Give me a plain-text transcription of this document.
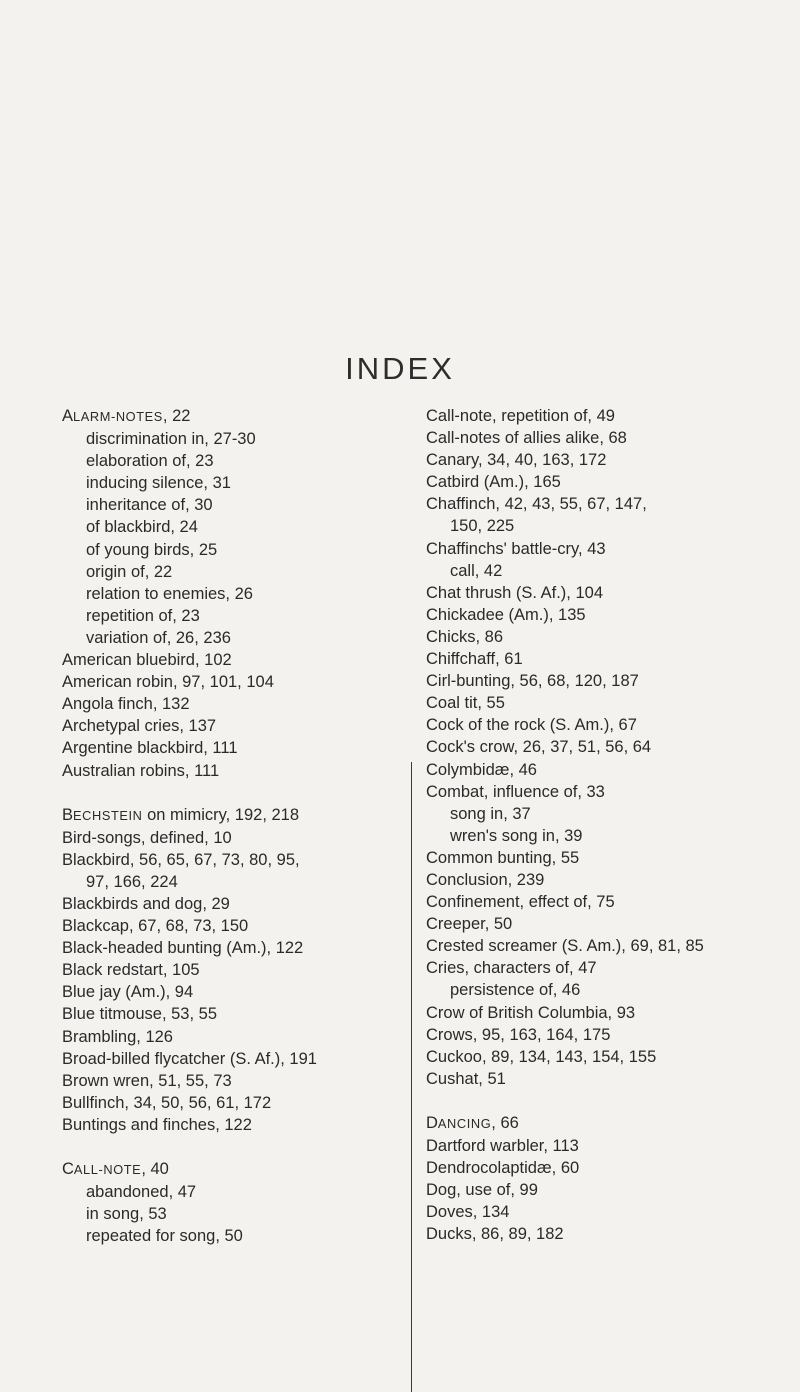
INDEX
ALARM-NOTES, 22
discrimination in, 27-30
elaboration of, 23
inducing silence, 31
inheritance of, 30
of blackbird, 24
of young birds, 25
origin of, 22
relation to enemies, 26
repetition of, 23
variation of, 26, 236
American bluebird, 102
American robin, 97, 101, 104
Angola finch, 132
Archetypal cries, 137
Argentine blackbird, 111
Australian robins, 111
BECHSTEIN on mimicry, 192, 218
Bird-songs, defined, 10
Blackbird, 56, 65, 67, 73, 80, 95,
97, 166, 224
Blackbirds and dog, 29
Blackcap, 67, 68, 73, 150
Black-headed bunting (Am.), 122
Black redstart, 105
Blue jay (Am.), 94
Blue titmouse, 53, 55
Brambling, 126
Broad-billed flycatcher (S. Af.), 191
Brown wren, 51, 55, 73
Bullfinch, 34, 50, 56, 61, 172
Buntings and finches, 122
CALL-NOTE, 40
abandoned, 47
in song, 53
repeated for song, 50
Call-note, repetition of, 49
Call-notes of allies alike, 68
Canary, 34, 40, 163, 172
Catbird (Am.), 165
Chaffinch, 42, 43, 55, 67, 147,
150, 225
Chaffinchs' battle-cry, 43
call, 42
Chat thrush (S. Af.), 104
Chickadee (Am.), 135
Chicks, 86
Chiffchaff, 61
Cirl-bunting, 56, 68, 120, 187
Coal tit, 55
Cock of the rock (S. Am.), 67
Cock's crow, 26, 37, 51, 56, 64
Colymbidæ, 46
Combat, influence of, 33
song in, 37
wren's song in, 39
Common bunting, 55
Conclusion, 239
Confinement, effect of, 75
Creeper, 50
Crested screamer (S. Am.), 69, 81, 85
Cries, characters of, 47
persistence of, 46
Crow of British Columbia, 93
Crows, 95, 163, 164, 175
Cuckoo, 89, 134, 143, 154, 155
Cushat, 51
DANCING, 66
Dartford warbler, 113
Dendrocolaptidæ, 60
Dog, use of, 99
Doves, 134
Ducks, 86, 89, 182
